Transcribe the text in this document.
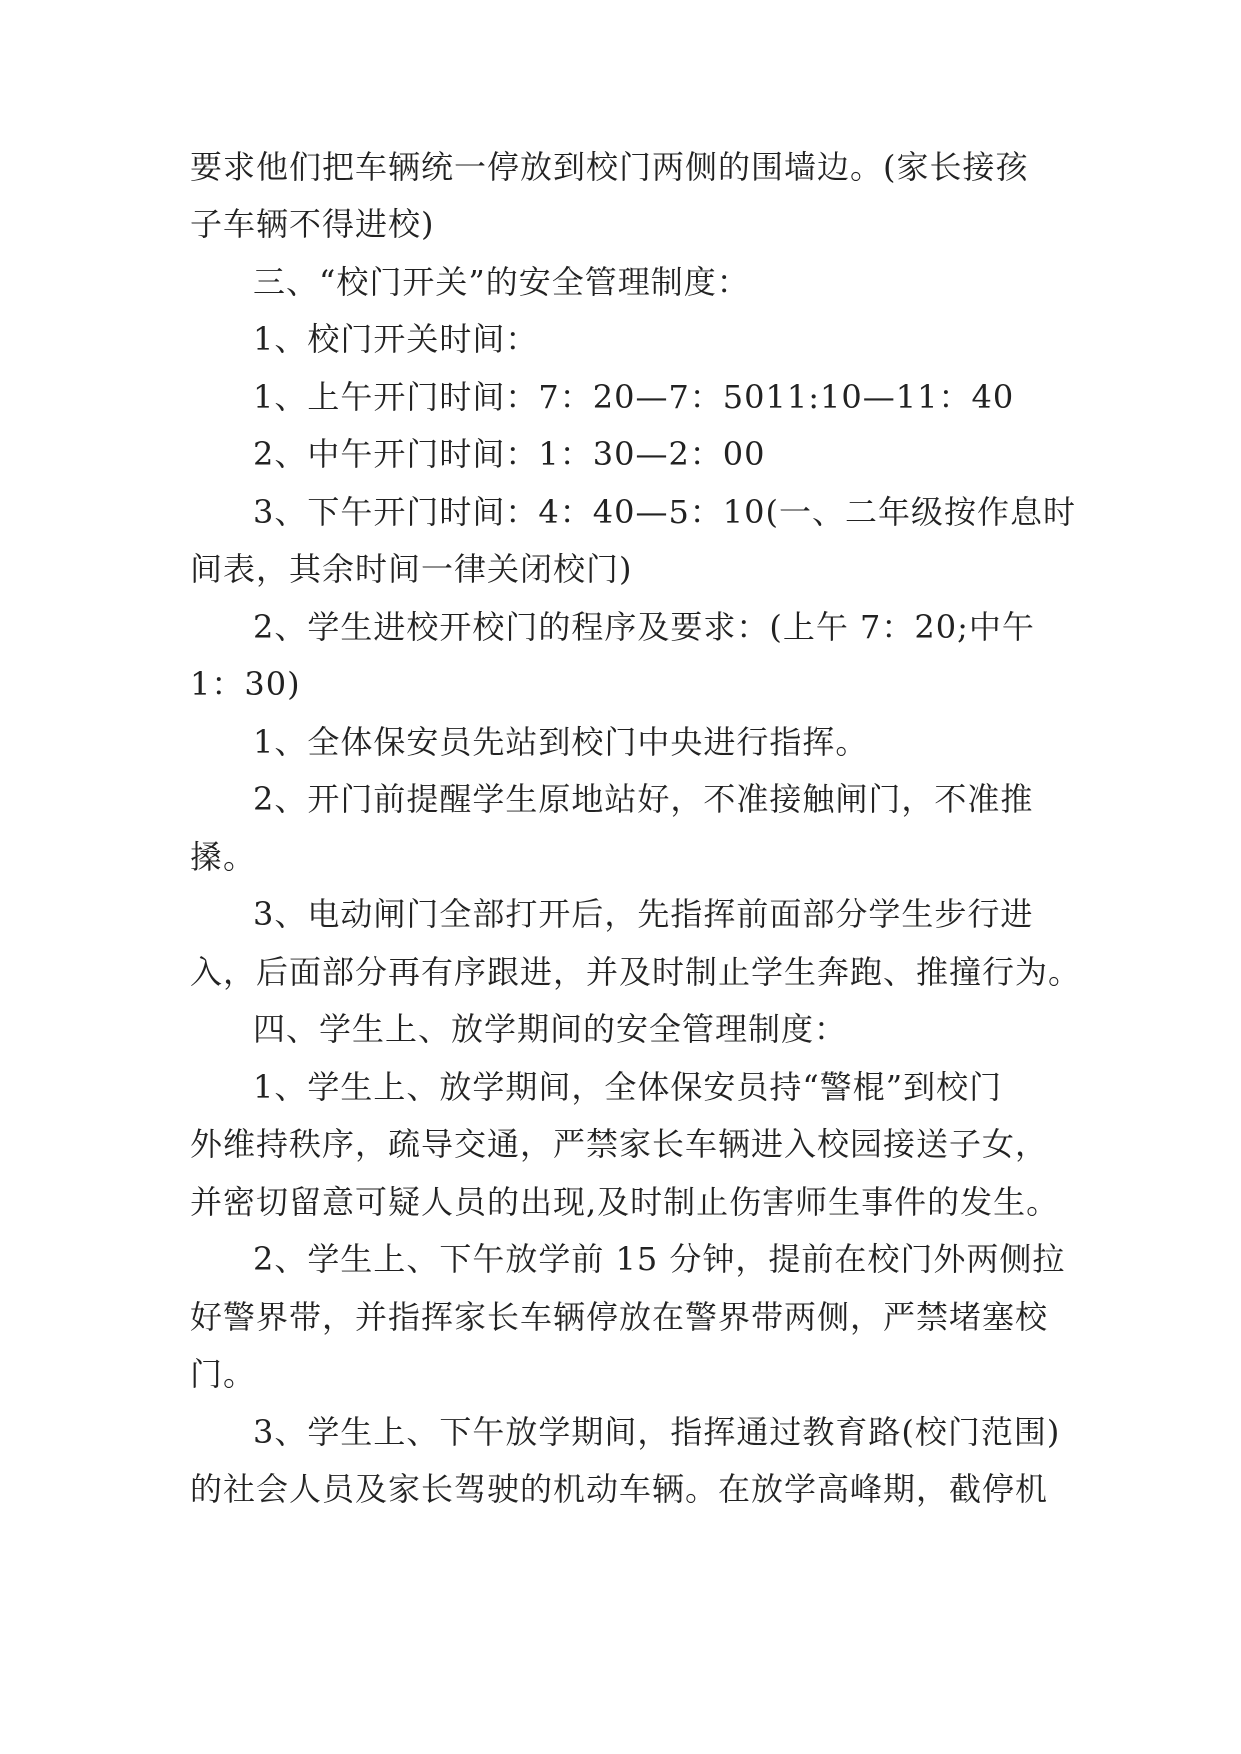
要求他们把车辆统一停放到校门两侧的围墙边。(家长接孩
子车辆不得进校)
三、“校门开关”的安全管理制度：
1、校门开关时间：
1、上午开门时间：7：20—7：5011:10—11：40
2、中午开门时间：1：30—2：00
3、下午开门时间：4：40—5：10(一、二年级按作息时
间表，其余时间一律关闭校门)
2、学生进校开校门的程序及要求：(上午 7：20;中午
1：30)
1、全体保安员先站到校门中央进行指挥。
2、开门前提醒学生原地站好，不准接触闸门，不准推
搡。
3、电动闸门全部打开后，先指挥前面部分学生步行进
入，后面部分再有序跟进，并及时制止学生奔跑、推撞行为。
四、学生上、放学期间的安全管理制度：
1、学生上、放学期间，全体保安员持“警棍”到校门
外维持秩序，疏导交通，严禁家长车辆进入校园接送子女，
并密切留意可疑人员的出现,及时制止伤害师生事件的发生。
2、学生上、下午放学前 15 分钟，提前在校门外两侧拉
好警界带，并指挥家长车辆停放在警界带两侧，严禁堵塞校
门。
3、学生上、下午放学期间，指挥通过教育路(校门范围)
的社会人员及家长驾驶的机动车辆。在放学高峰期，截停机
